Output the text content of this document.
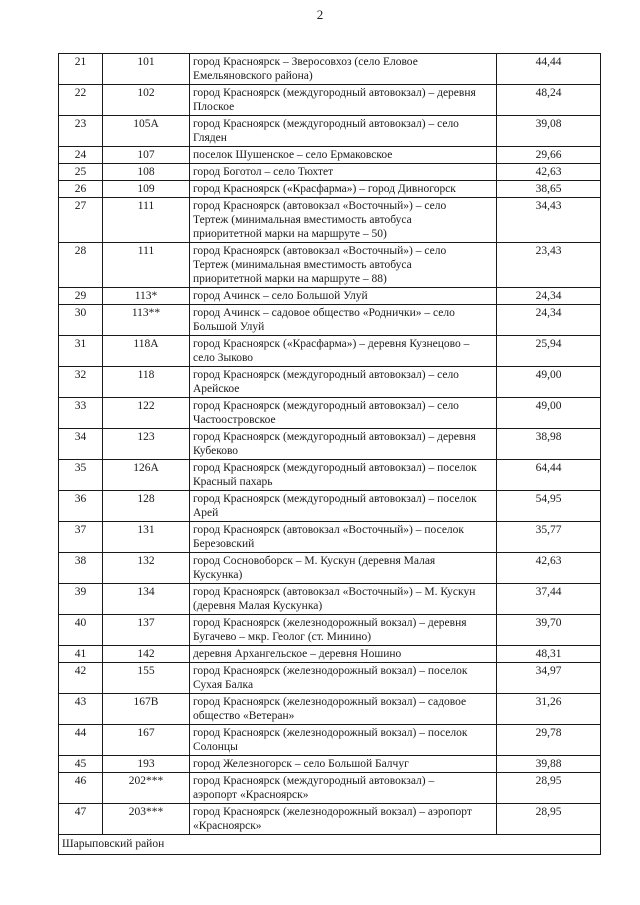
2
21	101	город Красноярск – Зверосовхоз (село Еловое
Емельяновского района)	44,44
22	102	город Красноярск (междугородный автовокзал) – деревня
Плоское	48,24
23	105А	город Красноярск (междугородный автовокзал) – село
Гляден	39,08
24	107	поселок Шушенское – село Ермаковское	29,66
25	108	город Боготол – село Тюхтет	42,63
26	109	город Красноярск («Красфарма») – город Дивногорск	38,65
27	111	город Красноярск (автовокзал «Восточный») – село
Тертеж (минимальная вместимость автобуса
приоритетной марки на маршруте – 50)	34,43
28	111	город Красноярск (автовокзал «Восточный») – село
Тертеж (минимальная вместимость автобуса
приоритетной марки на маршруте – 88)	23,43
29	113*	город Ачинск – село Большой Улуй	24,34
30	113**	город Ачинск – садовое общество «Роднички» – село
Большой Улуй	24,34
31	118А	город Красноярск («Красфарма») – деревня Кузнецово –
село Зыково	25,94
32	118	город Красноярск (междугородный автовокзал) – село
Арейское	49,00
33	122	город Красноярск (междугородный автовокзал) – село
Частоостровское	49,00
34	123	город Красноярск (междугородный автовокзал) – деревня
Кубеково	38,98
35	126А	город Красноярск (междугородный автовокзал) – поселок
Красный пахарь	64,44
36	128	город Красноярск (междугородный автовокзал) – поселок
Арей	54,95
37	131	город Красноярск (автовокзал «Восточный») – поселок
Березовский	35,77
38	132	город Сосновоборск – М. Кускун (деревня Малая
Кускунка)	42,63
39	134	город Красноярск (автовокзал «Восточный») – М. Кускун
(деревня Малая Кускунка)	37,44
40	137	город Красноярск (железнодорожный вокзал) – деревня
Бугачево – мкр. Геолог (ст. Минино)	39,70
41	142	деревня Архангельское – деревня Ношино	48,31
42	155	город Красноярск (железнодорожный вокзал) – поселок
Сухая Балка	34,97
43	167В	город Красноярск (железнодорожный вокзал) – садовое
общество «Ветеран»	31,26
44	167	город Красноярск (железнодорожный вокзал) – поселок
Солонцы	29,78
45	193	город Железногорск – село Большой Балчуг	39,88
46	202***	город Красноярск (междугородный автовокзал) –
аэропорт «Красноярск»	28,95
47	203***	город Красноярск (железнодорожный вокзал) – аэропорт
«Красноярск»	28,95
Шарыповский район			
